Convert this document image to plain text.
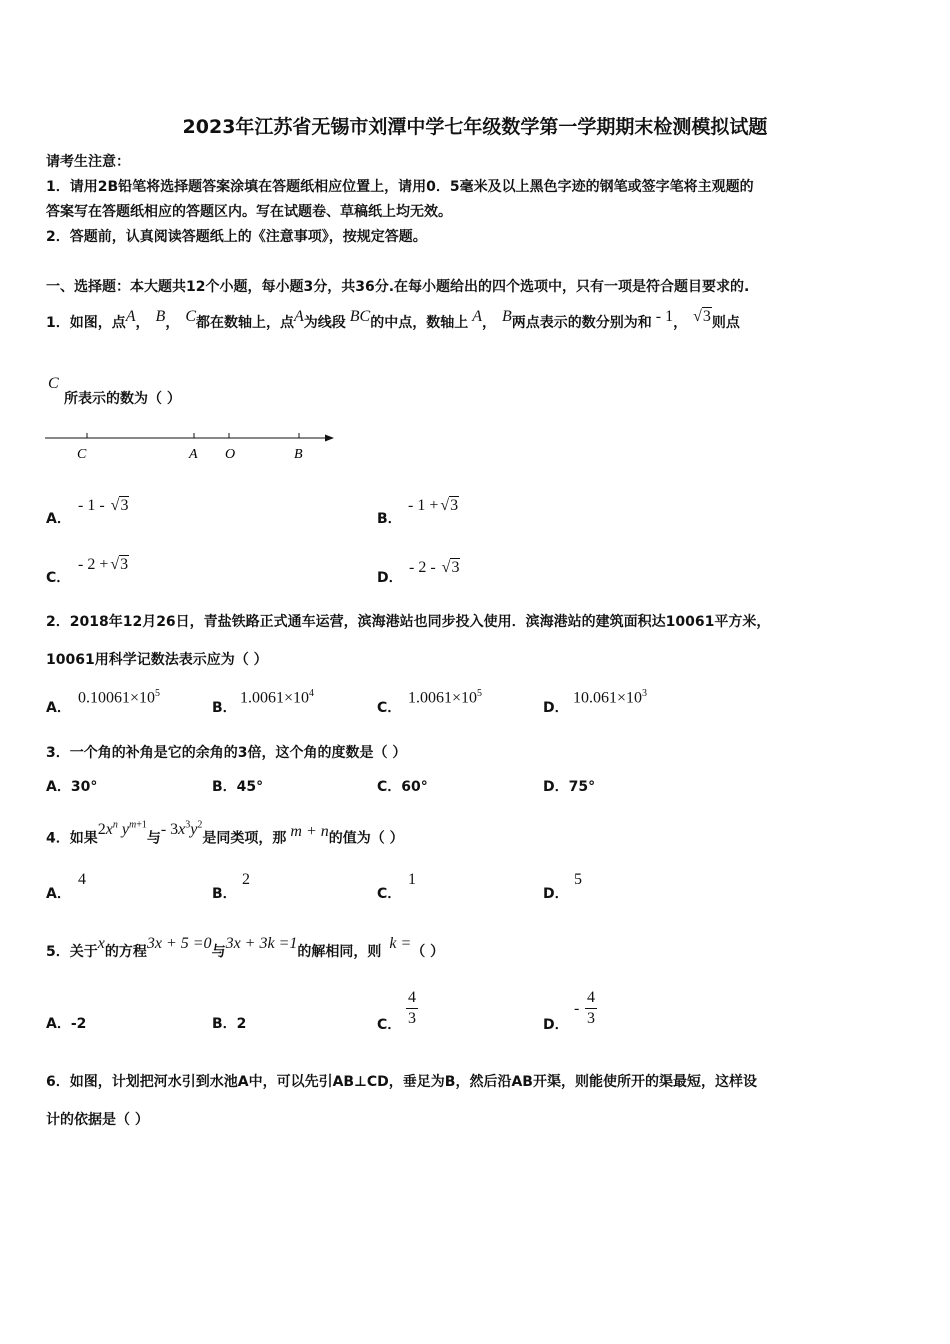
2023年江苏省无锡市刘潭中学七年级数学第一学期期末检测模拟试题
请考生注意：
1．请用2B铅笔将选择题答案涂填在答题纸相应位置上，请用0．5毫米及以上黑色字迹的钢笔或签字笔将主观题的
答案写在答题纸相应的答题区内。写在试题卷、草稿纸上均无效。
2．答题前，认真阅读答题纸上的《注意事项》，按规定答题。
一、选择题：本大题共12个小题，每小题3分，共36分.在每小题给出的四个选项中，只有一项是符合题目要求的.
1．如图，点A， B， C都在数轴上，点A为线段 BC的中点，数轴上 A， B两点表示的数分别为和 - 1， √3则点
C
所表示的数为（ ）
C	A O	B
A．
- 1 - √3
B．
- 1 + √3
C．
- 2 + √3
D．
- 2 - √3
2．2018年12月26日，青盐铁路正式通车运营，滨海港站也同步投入使用．滨海港站的建筑面积达10061平方米，
10061用科学记数法表示应为（ ）
A．
$0.10061\times 10^5$
B．
$1.0061\times 10^4$
C．
$1.0061\times 10^5$
D．
$10.061\times 10^3$
3．一个角的补角是它的余角的3倍，这个角的度数是（ ）
A．30°	B．45°	C．60°	D．75°
4．如果$2x^n$ $y^{m+1}$与- $3x^3y^2$是同类项，那 m + n的值为（ ）
A．
4
B．
2
C．
1
D．
5
5．关于x的方程3x + 5 =0与3x + 3k =1的解相同，则 k =（ ）
A．-2	B．2	C． $\frac{4}{3}$	D．
- $\frac{4}{3}$
6．如图，计划把河水引到水池A中，可以先引AB⊥CD，垂足为B，然后沿AB开渠，则能使所开的渠最短，这样设
计的依据是（ ）
